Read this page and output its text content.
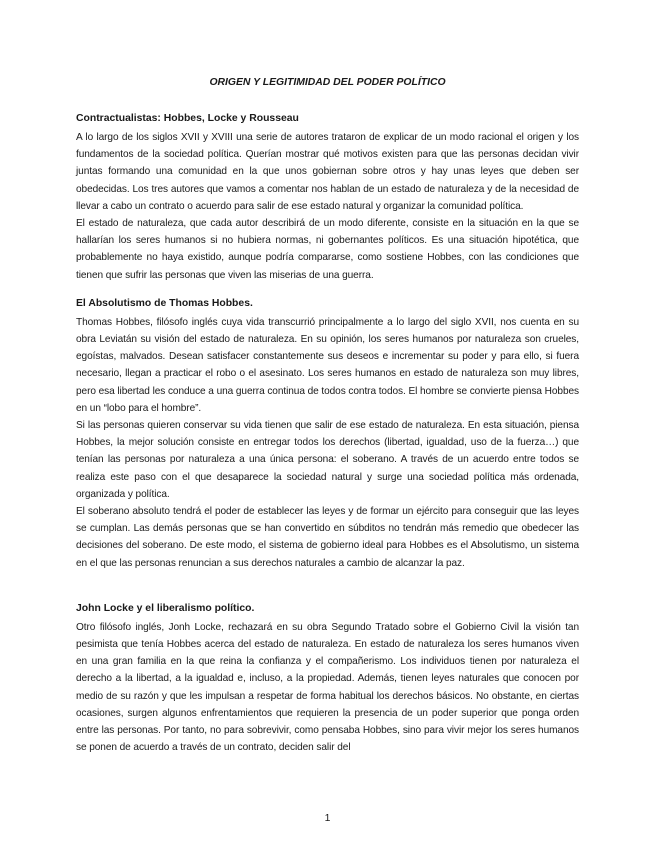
ORIGEN Y LEGITIMIDAD DEL PODER POLÍTICO
Contractualistas: Hobbes, Locke y Rousseau

A lo largo de los siglos XVII y XVIII una serie de autores trataron de explicar de un modo racional el origen y los fundamentos de la sociedad política. Querían mostrar qué motivos existen para que las personas decidan vivir juntas formando una comunidad en la que unos gobiernan sobre otros y hay unas leyes que deben ser obedecidas. Los tres autores que vamos a comentar nos hablan de un estado de naturaleza y de la necesidad de llevar a cabo un contrato o acuerdo para salir de ese estado natural y organizar la comunidad política.

El estado de naturaleza, que cada autor describirá de un modo diferente, consiste en la situación en la que se hallarían los seres humanos si no hubiera normas, ni gobernantes políticos. Es una situación hipotética, que probablemente no haya existido, aunque podría compararse, como sostiene Hobbes, con las condiciones que tienen que sufrir las personas que viven las miserias de una guerra.

El Absolutismo de Thomas Hobbes.

Thomas Hobbes, filósofo inglés cuya vida transcurrió principalmente a lo largo del siglo XVII, nos cuenta en su obra Leviatán su visión del estado de naturaleza. En su opinión, los seres humanos por naturaleza son crueles, egoístas, malvados. Desean satisfacer constantemente sus deseos e incrementar su poder y para ello, si fuera necesario, llegan a practicar el robo o el asesinato. Los seres humanos en estado de naturaleza son muy libres, pero esa libertad les conduce a una guerra continua de todos contra todos. El hombre se convierte piensa Hobbes en un “lobo para el hombre”.

Si las personas quieren conservar su vida tienen que salir de ese estado de naturaleza. En esta situación, piensa Hobbes, la mejor solución consiste en entregar todos los derechos (libertad, igualdad, uso de la fuerza…) que tenían las personas por naturaleza a una única persona: el soberano. A través de un acuerdo entre todos se realiza este paso con el que desaparece la sociedad natural y surge una sociedad política más ordenada, organizada y política.

El soberano absoluto tendrá el poder de establecer las leyes y de formar un ejército para conseguir que las leyes se cumplan. Las demás personas que se han convertido en súbditos no tendrán más remedio que obedecer las decisiones del soberano. De este modo, el sistema de gobierno ideal para Hobbes es el Absolutismo, un sistema en el que las personas renuncian a sus derechos naturales a cambio de alcanzar la paz.

John Locke y el liberalismo político.

Otro filósofo inglés, Jonh Locke, rechazará en su obra Segundo Tratado sobre el Gobierno Civil la visión tan pesimista que tenía Hobbes acerca del estado de naturaleza. En estado de naturaleza los seres humanos viven en una gran familia en la que reina la confianza y el compañerismo. Los individuos tienen por naturaleza el derecho a la libertad, a la igualdad e, incluso, a la propiedad. Además, tienen leyes naturales que conocen por medio de su razón y que les impulsan a respetar de forma habitual los derechos básicos. No obstante, en ciertas ocasiones, surgen algunos enfrentamientos que requieren la presencia de un poder superior que ponga orden entre las personas. Por tanto, no para sobrevivir, como pensaba Hobbes, sino para vivir mejor los seres humanos se ponen de acuerdo a través de un contrato, deciden salir del

1
